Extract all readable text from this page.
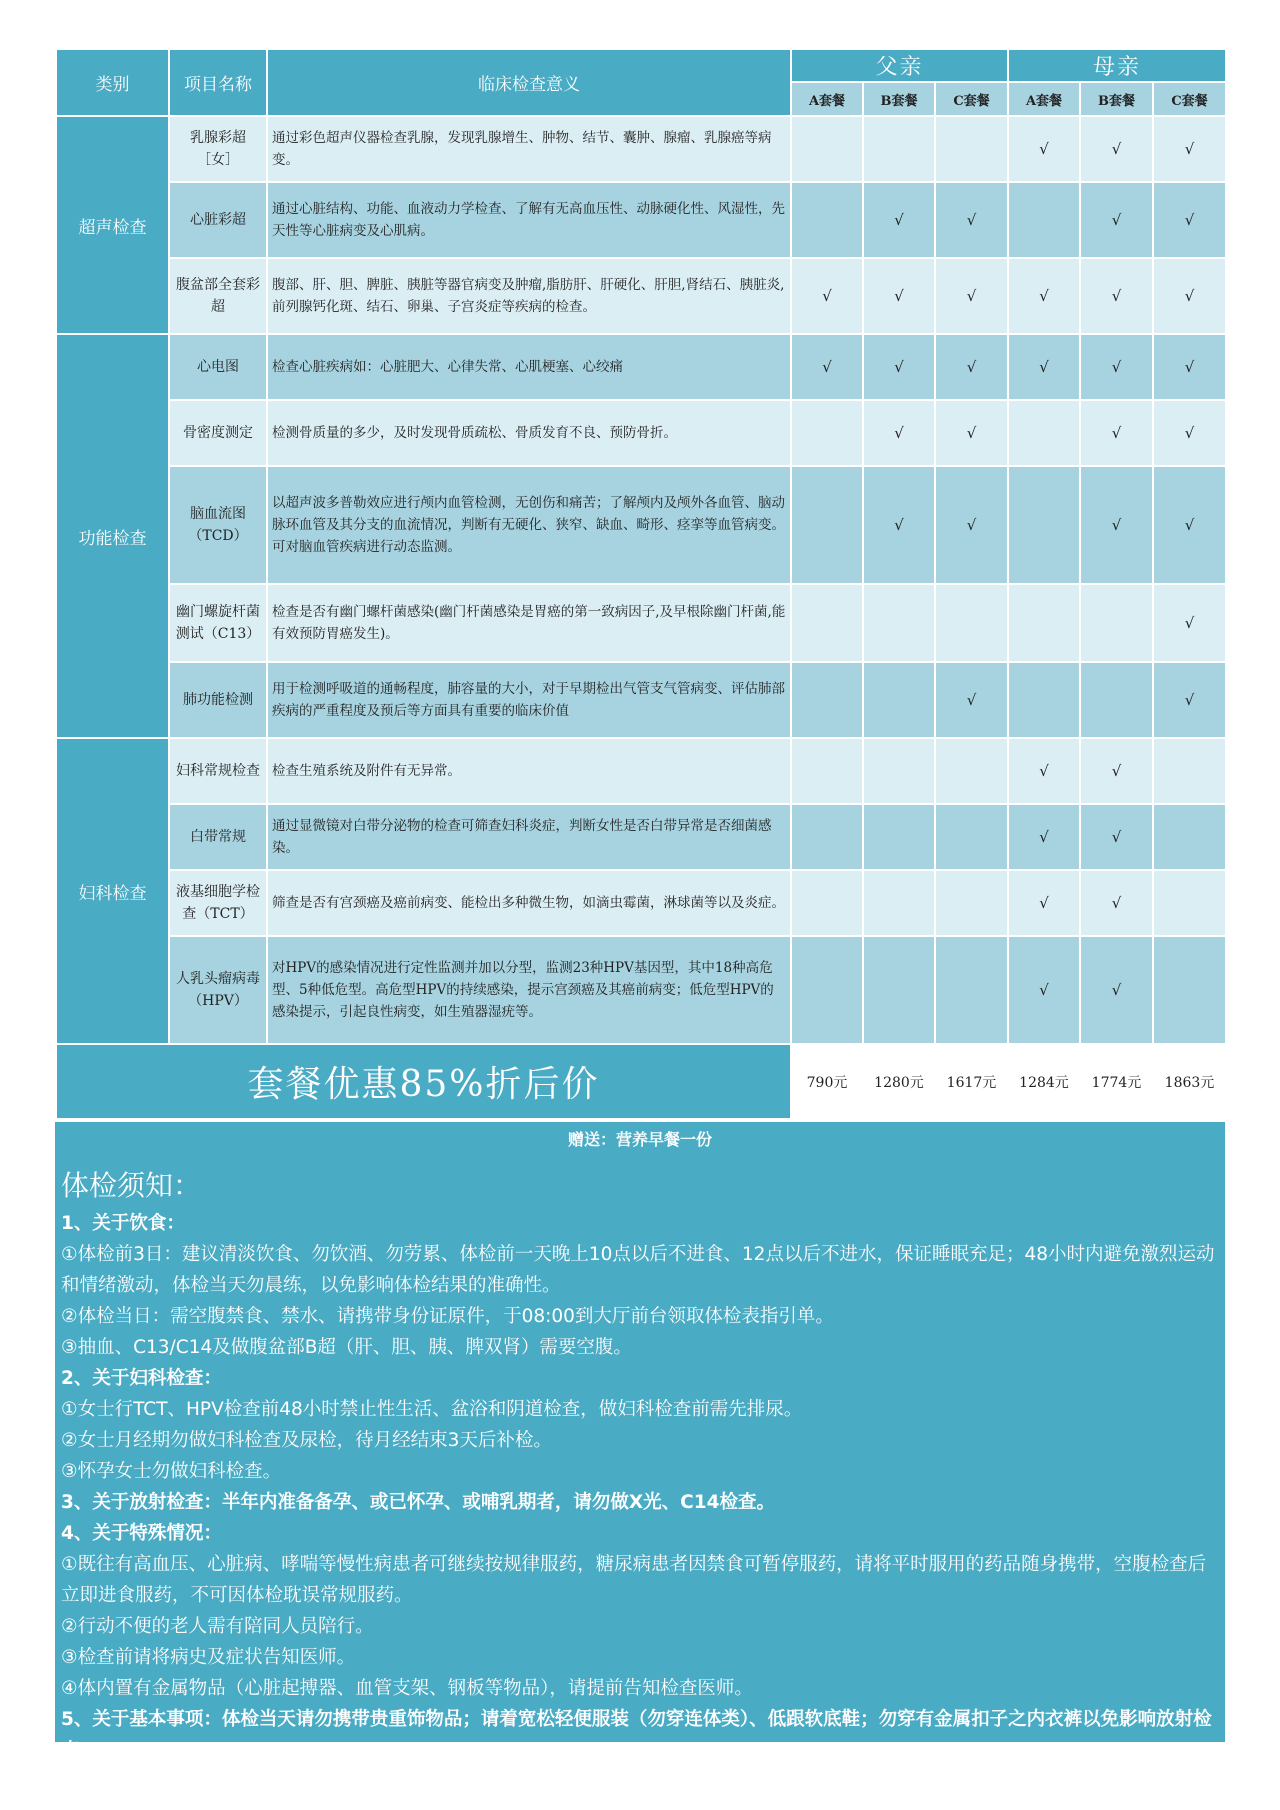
类别	项目名称	临床检查意义	父亲			母亲		
			A套餐	B套餐	C套餐	A套餐	B套餐	C套餐
超声检查	乳腺彩超［女］	通过彩色超声仪器检查乳腺，发现乳腺增生、肿物、结节、囊肿、腺瘤、乳腺癌等病变。				√	√	√
	心脏彩超	通过心脏结构、功能、血液动力学检查、了解有无高血压性、动脉硬化性、风湿性，先天性等心脏病变及心肌病。		√	√		√	√
	腹盆部全套彩超	腹部、肝、胆、脾脏、胰脏等器官病变及肿瘤,脂肪肝、肝硬化、肝胆,肾结石、胰脏炎,前列腺钙化斑、结石、卵巢、子宫炎症等疾病的检查。	√	√	√	√	√	√
功能检查	心电图	检查心脏疾病如：心脏肥大、心律失常、心肌梗塞、心绞痛	√	√	√	√	√	√
	骨密度测定	检测骨质量的多少，及时发现骨质疏松、骨质发育不良、预防骨折。		√	√		√	√
	脑血流图（TCD）	以超声波多普勒效应进行颅内血管检测，无创伤和痛苦；了解颅内及颅外各血管、脑动脉环血管及其分支的血流情况，判断有无硬化、狭窄、缺血、畸形、痉挛等血管病变。可对脑血管疾病进行动态监测。		√	√		√	√
	幽门螺旋杆菌测试（C13）	检查是否有幽门螺杆菌感染(幽门杆菌感染是胃癌的第一致病因子,及早根除幽门杆菌,能有效预防胃癌发生)。						√
	肺功能检测	用于检测呼吸道的通畅程度，肺容量的大小，对于早期检出气管支气管病变、评估肺部疾病的严重程度及预后等方面具有重要的临床价值			√			√
妇科检查	妇科常规检查	检查生殖系统及附件有无异常。				√	√	
	白带常规	通过显微镜对白带分泌物的检查可筛查妇科炎症，判断女性是否白带异常是否细菌感染。				√	√	
	液基细胞学检查（TCT）	筛查是否有宫颈癌及癌前病变、能检出多种微生物，如滴虫霉菌，淋球菌等以及炎症。				√	√	
	人乳头瘤病毒（HPV）	对HPV的感染情况进行定性监测并加以分型，监测23种HPV基因型，其中18种高危型、5种低危型。高危型HPV的持续感染，提示宫颈癌及其癌前病变；低危型HPV的感染提示，引起良性病变，如生殖器湿疣等。				√	√	
套餐优惠85%折后价			790元	1280元	1617元	1284元	1774元	1863元
赠送：营养早餐一份
体检须知：

1、关于饮食：

①体检前3日：建议清淡饮食、勿饮酒、勿劳累、体检前一天晚上10点以后不进食、12点以后不进水，保证睡眠充足；48小时内避免激烈运动和情绪激动，体检当天勿晨练，以免影响体检结果的准确性。

②体检当日：需空腹禁食、禁水、请携带身份证原件，于08:00到大厅前台领取体检表指引单。

③抽血、C13/C14及做腹盆部B超（肝、胆、胰、脾双肾）需要空腹。

2、关于妇科检查：

①女士行TCT、HPV检查前48小时禁止性生活、盆浴和阴道检查，做妇科检查前需先排尿。

②女士月经期勿做妇科检查及尿检，待月经结束3天后补检。

③怀孕女士勿做妇科检查。

3、关于放射检查：半年内准备备孕、或已怀孕、或哺乳期者，请勿做X光、C14检查。

4、关于特殊情况：

①既往有高血压、心脏病、哮喘等慢性病患者可继续按规律服药，糖尿病患者因禁食可暂停服药，请将平时服用的药品随身携带，空腹检查后立即进食服药，不可因体检耽误常规服药。

②行动不便的老人需有陪同人员陪行。

③检查前请将病史及症状告知医师。

④体内置有金属物品（心脏起搏器、血管支架、钢板等物品），请提前告知检查医师。

5、关于基本事项：体检当天请勿携带贵重饰物品；请着宽松轻便服装（勿穿连体类）、低跟软底鞋；勿穿有金属扣子之内衣裤以免影响放射检查。
